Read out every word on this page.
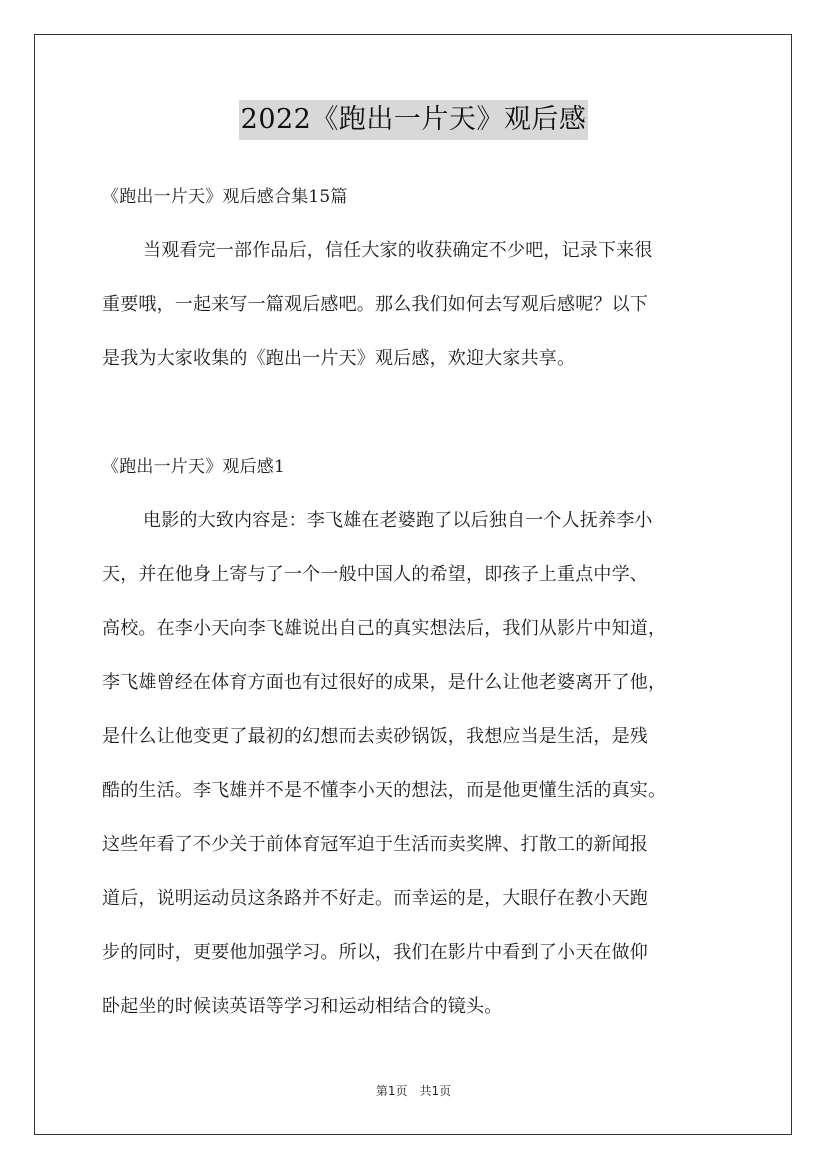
2022《跑出一片天》观后感

《跑出一片天》观后感合集15篇

当观看完一部作品后，信任大家的收获确定不少吧，记录下来很

重要哦，一起来写一篇观后感吧。那么我们如何去写观后感呢？以下

是我为大家收集的《跑出一片天》观后感，欢迎大家共享。

《跑出一片天》观后感1

电影的大致内容是：李飞雄在老婆跑了以后独自一个人抚养李小

天，并在他身上寄与了一个一般中国人的希望，即孩子上重点中学、

高校。在李小天向李飞雄说出自己的真实想法后，我们从影片中知道，

李飞雄曾经在体育方面也有过很好的成果，是什么让他老婆离开了他，

是什么让他变更了最初的幻想而去卖砂锅饭，我想应当是生活，是残

酷的生活。李飞雄并不是不懂李小天的想法，而是他更懂生活的真实。

这些年看了不少关于前体育冠军迫于生活而卖奖牌、打散工的新闻报

道后，说明运动员这条路并不好走。而幸运的是，大眼仔在教小天跑

步的同时，更要他加强学习。所以，我们在影片中看到了小天在做仰

卧起坐的时候读英语等学习和运动相结合的镜头。

第1页　共1页
